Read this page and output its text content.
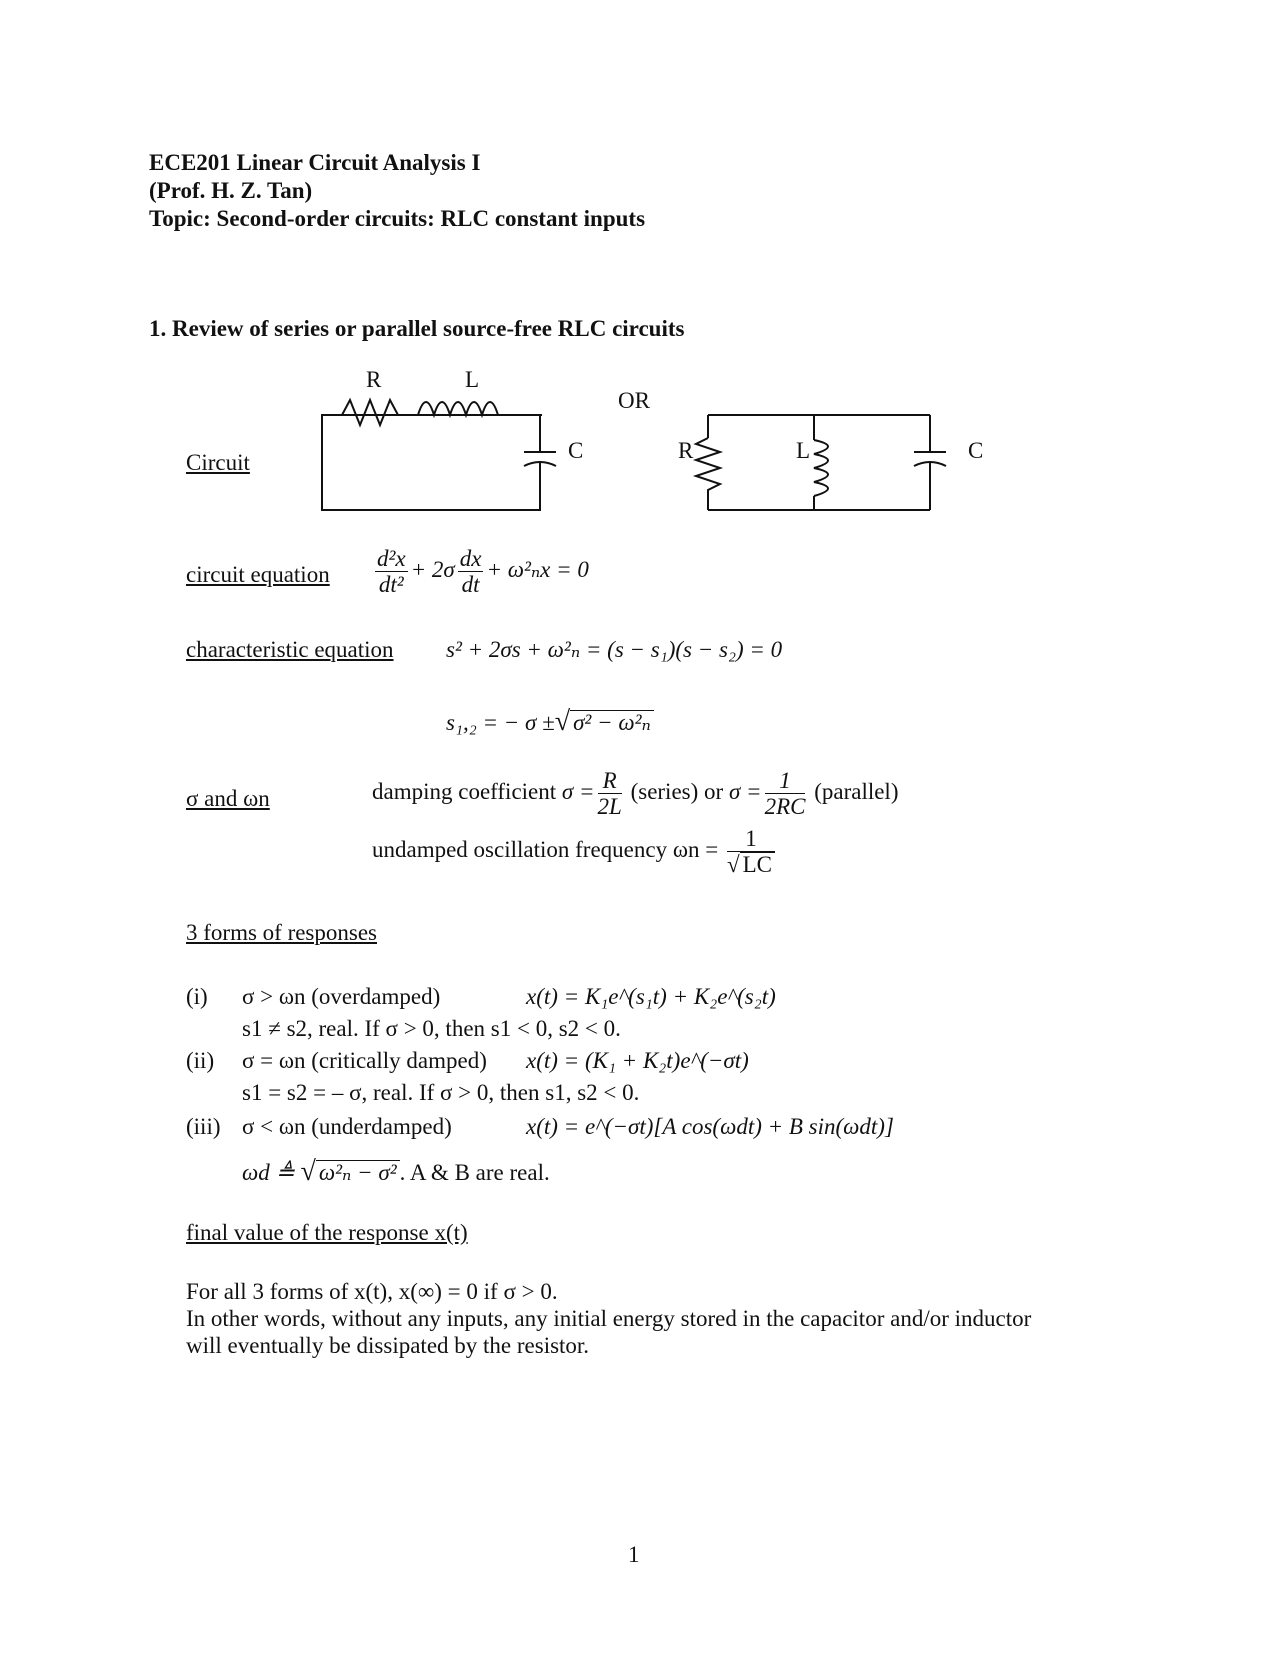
ECE201 Linear Circuit Analysis I
(Prof. H. Z. Tan)
Topic: Second-order circuits: RLC constant inputs
1. Review of series or parallel source-free RLC circuits
Circuit
R	L
C
OR
R	L	C
circuit equation $\frac{\text{d²x}}{\text{dt²}} + 2\sigma \frac{dx}{dt} + \omega^2_nx = 0$
characteristic equation s² + 2σs + ω²ₙ = (s − s₁)(s − s₂) = 0
s₁,₂ = − σ ±√ σ² − ω²ₙ
σ and ωn	damping coefficient $\sigma = \frac{R}{2L}$ (series) or $\sigma = \frac{1}{2RC}$ (parallel)
undamped oscillation frequency $\omega n = \frac{1}{√ LC}$
3 forms of responses
(i) σ > ωn (overdamped)	x(t) = K₁e^(s₁t) + K₂e^(s₂t)
s1 ≠ s2, real. If σ > 0, then s1 < 0, s2 < 0.
(ii) σ = ωn (critically damped) x(t) = (K₁ + K₂t)e^(−σt)
s1 = s2 = – σ, real. If σ > 0, then s1, s2 < 0.
(iii) σ < ωn (underdamped)	x(t) = e^(−σt)[A cos(ωdt) + B sin(ωdt)]
ωd ≜ √ ω²ₙ − σ² . A & B are real.
final value of the response x(t)
For all 3 forms of x(t), x(∞) = 0 if σ > 0.
In other words, without any inputs, any initial energy stored in the capacitor and/or inductor
will eventually be dissipated by the resistor.
1
